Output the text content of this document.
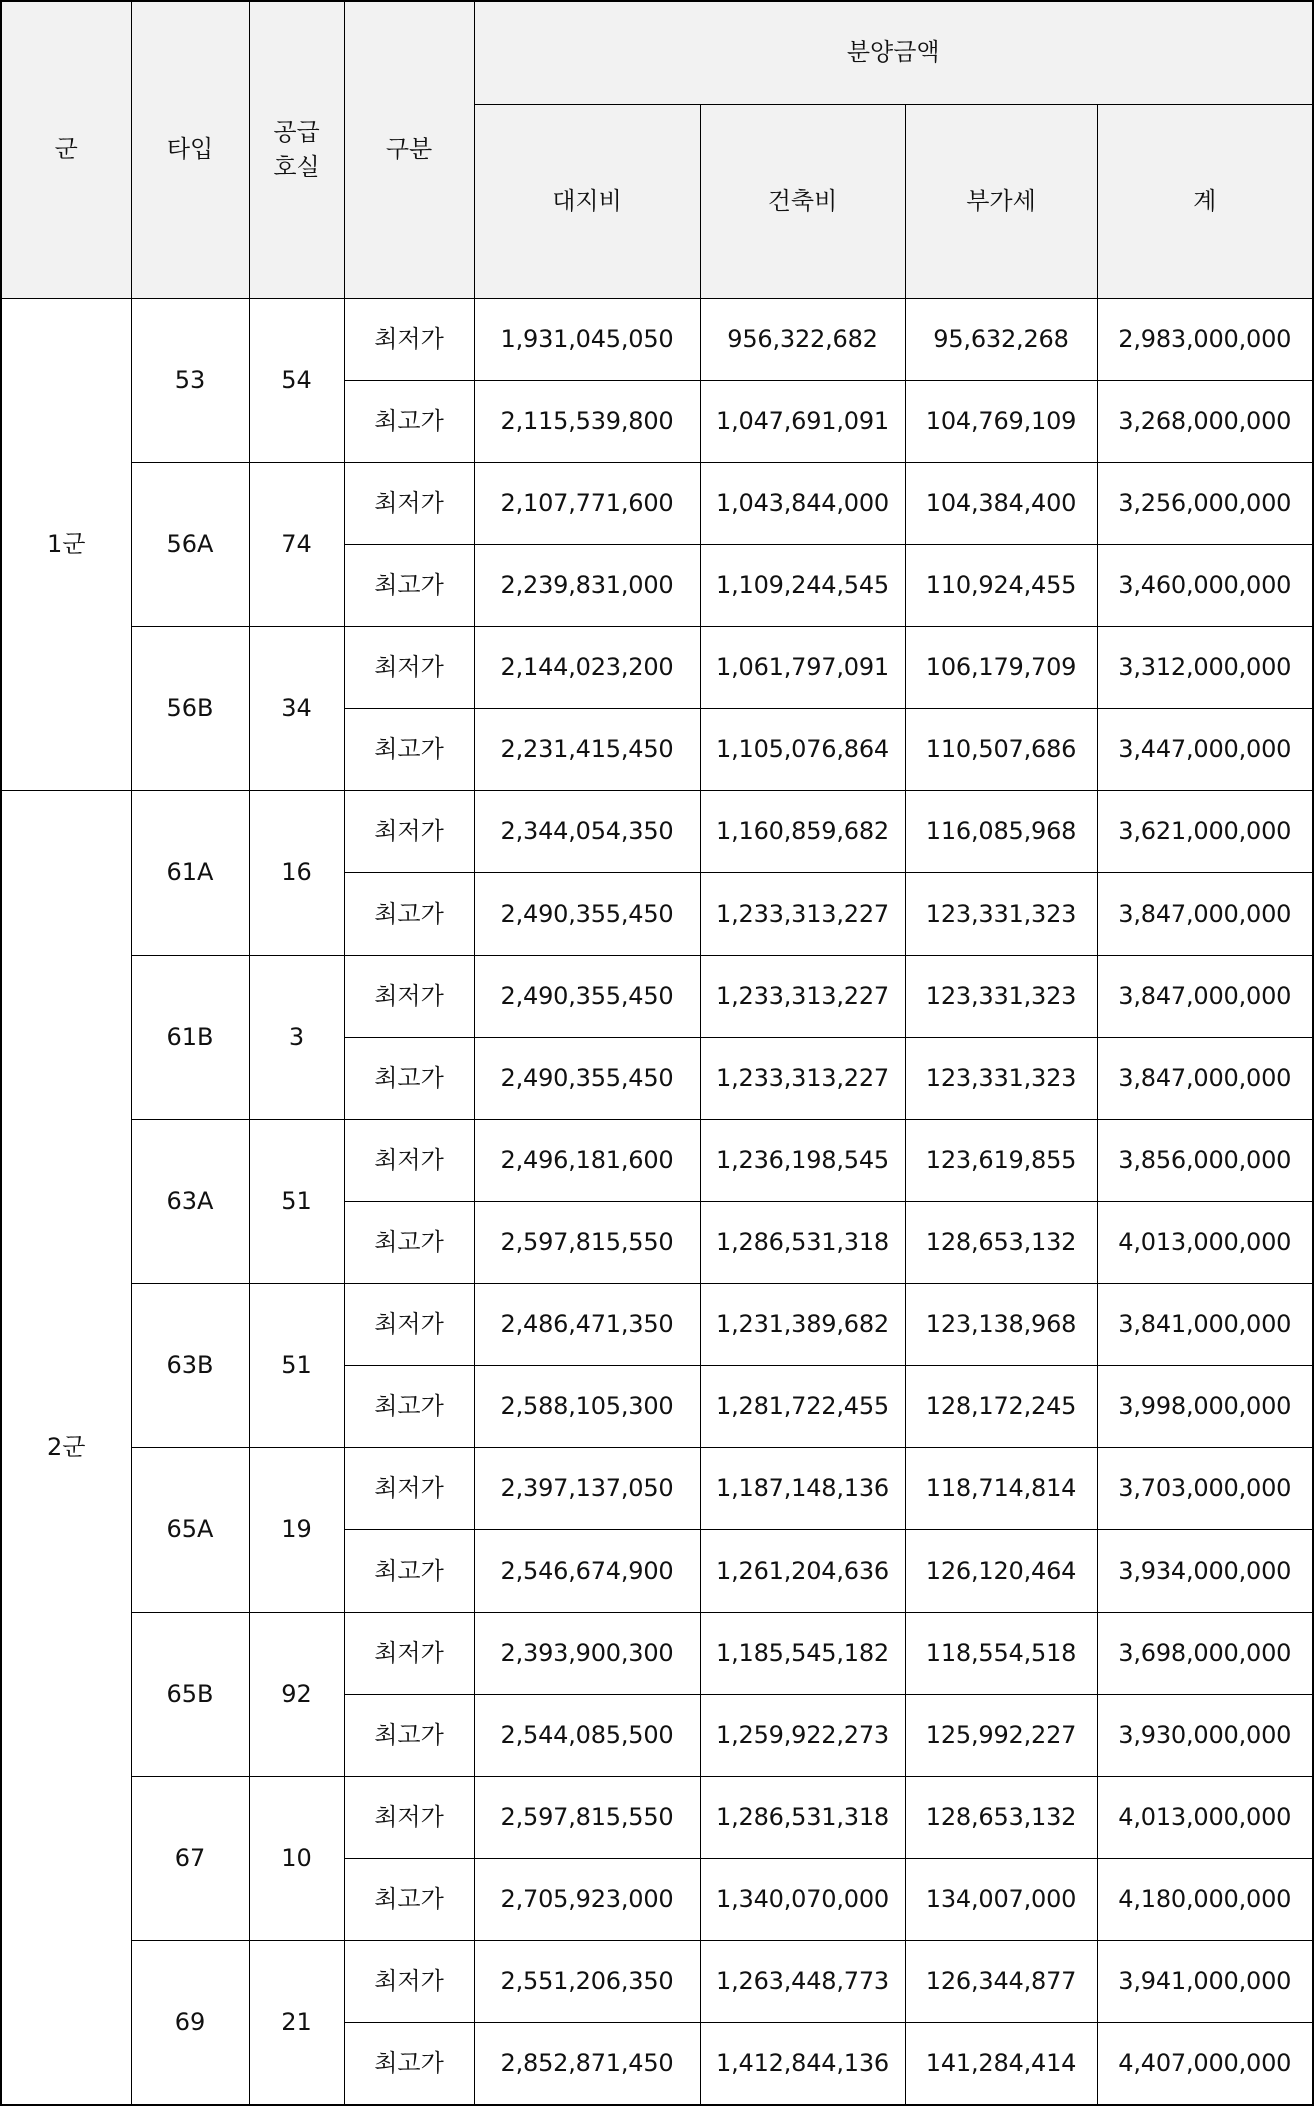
군	타입	공급
호실	구분	분양금액			
				대지비	건축비	부가세	계
1군	53	54	최저가	1,931,045,050	956,322,682	95,632,268	2,983,000,000
			최고가	2,115,539,800	1,047,691,091	104,769,109	3,268,000,000
	56A	74	최저가	2,107,771,600	1,043,844,000	104,384,400	3,256,000,000
			최고가	2,239,831,000	1,109,244,545	110,924,455	3,460,000,000
	56B	34	최저가	2,144,023,200	1,061,797,091	106,179,709	3,312,000,000
			최고가	2,231,415,450	1,105,076,864	110,507,686	3,447,000,000
2군	61A	16	최저가	2,344,054,350	1,160,859,682	116,085,968	3,621,000,000
			최고가	2,490,355,450	1,233,313,227	123,331,323	3,847,000,000
	61B	3	최저가	2,490,355,450	1,233,313,227	123,331,323	3,847,000,000
			최고가	2,490,355,450	1,233,313,227	123,331,323	3,847,000,000
	63A	51	최저가	2,496,181,600	1,236,198,545	123,619,855	3,856,000,000
			최고가	2,597,815,550	1,286,531,318	128,653,132	4,013,000,000
	63B	51	최저가	2,486,471,350	1,231,389,682	123,138,968	3,841,000,000
			최고가	2,588,105,300	1,281,722,455	128,172,245	3,998,000,000
	65A	19	최저가	2,397,137,050	1,187,148,136	118,714,814	3,703,000,000
			최고가	2,546,674,900	1,261,204,636	126,120,464	3,934,000,000
	65B	92	최저가	2,393,900,300	1,185,545,182	118,554,518	3,698,000,000
			최고가	2,544,085,500	1,259,922,273	125,992,227	3,930,000,000
	67	10	최저가	2,597,815,550	1,286,531,318	128,653,132	4,013,000,000
			최고가	2,705,923,000	1,340,070,000	134,007,000	4,180,000,000
	69	21	최저가	2,551,206,350	1,263,448,773	126,344,877	3,941,000,000
			최고가	2,852,871,450	1,412,844,136	141,284,414	4,407,000,000
